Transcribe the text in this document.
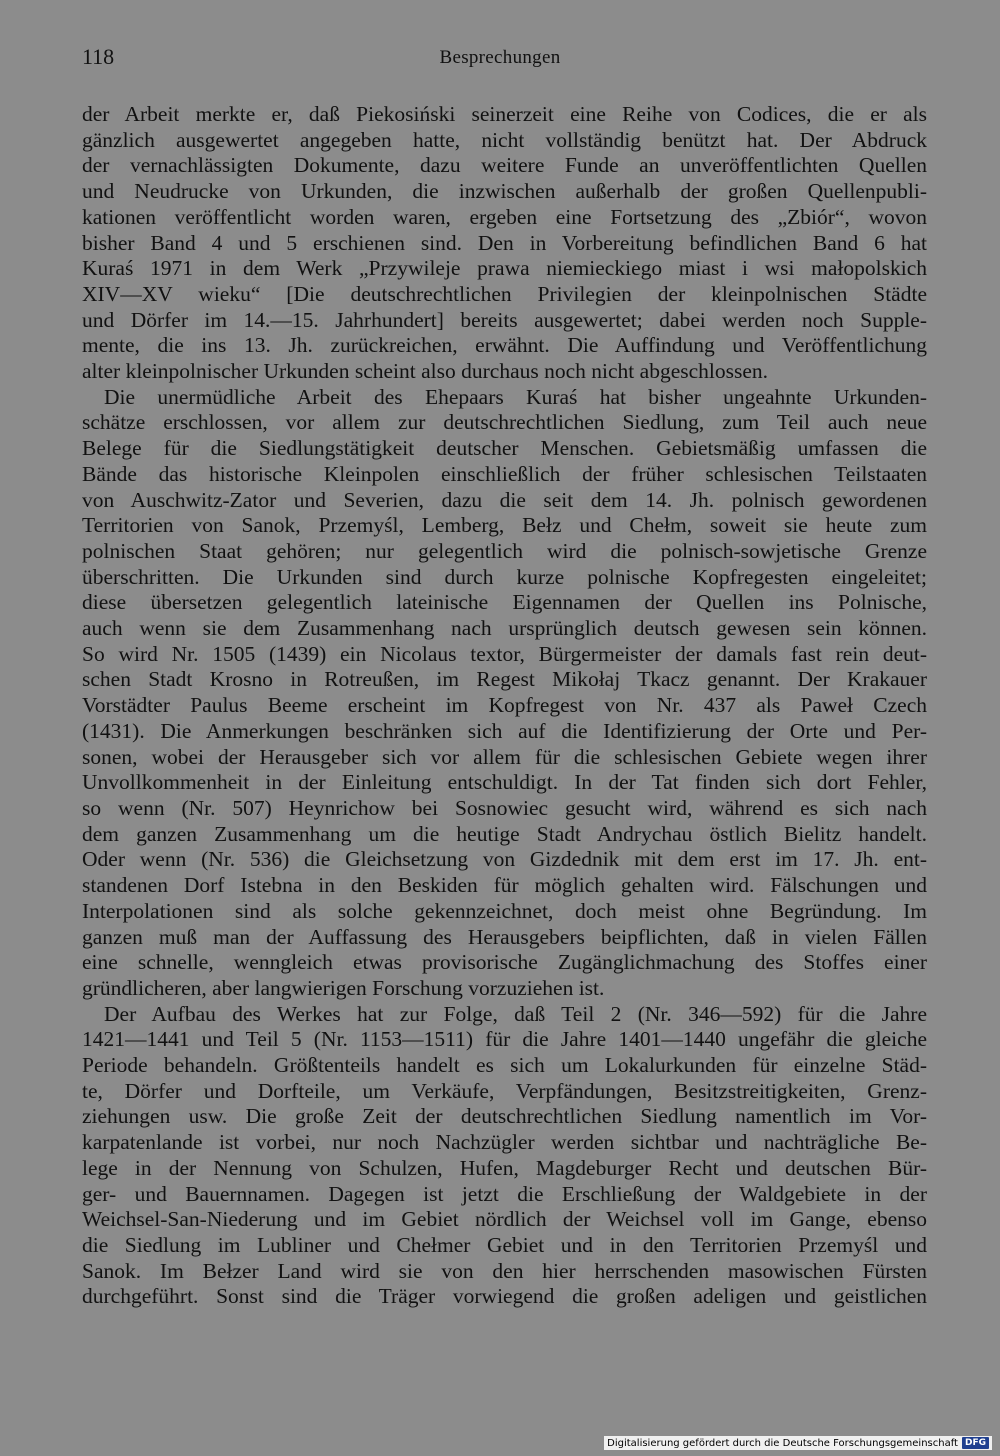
118	Besprechungen
der Arbeit merkte er, daß Piekosiński seinerzeit eine Reihe von Codices, die er als
gänzlich ausgewertet angegeben hatte, nicht vollständig benützt hat. Der Abdruck
der vernachlässigten Dokumente, dazu weitere Funde an unveröffentlichten Quellen
und Neudrucke von Urkunden, die inzwischen außerhalb der großen Quellenpubli-
kationen veröffentlicht worden waren, ergeben eine Fortsetzung des „Zbiór“, wovon
bisher Band 4 und 5 erschienen sind. Den in Vorbereitung befindlichen Band 6 hat
Kuraś 1971 in dem Werk „Przywileje prawa niemieckiego miast i wsi małopolskich
XIV—XV wieku“ [Die deutschrechtlichen Privilegien der kleinpolnischen Städte
und Dörfer im 14.—15. Jahrhundert] bereits ausgewertet; dabei werden noch Supple-
mente, die ins 13. Jh. zurückreichen, erwähnt. Die Auffindung und Veröffentlichung
alter kleinpolnischer Urkunden scheint also durchaus noch nicht abgeschlossen.
Die unermüdliche Arbeit des Ehepaars Kuraś hat bisher ungeahnte Urkunden-
schätze erschlossen, vor allem zur deutschrechtlichen Siedlung, zum Teil auch neue
Belege für die Siedlungstätigkeit deutscher Menschen. Gebietsmäßig umfassen die
Bände das historische Kleinpolen einschließlich der früher schlesischen Teilstaaten
von Auschwitz-Zator und Severien, dazu die seit dem 14. Jh. polnisch gewordenen
Territorien von Sanok, Przemyśl, Lemberg, Bełz und Chełm, soweit sie heute zum
polnischen Staat gehören; nur gelegentlich wird die polnisch-sowjetische Grenze
überschritten. Die Urkunden sind durch kurze polnische Kopfregesten eingeleitet;
diese übersetzen gelegentlich lateinische Eigennamen der Quellen ins Polnische,
auch wenn sie dem Zusammenhang nach ursprünglich deutsch gewesen sein können.
So wird Nr. 1505 (1439) ein Nicolaus textor, Bürgermeister der damals fast rein deut-
schen Stadt Krosno in Rotreußen, im Regest Mikołaj Tkacz genannt. Der Krakauer
Vorstädter Paulus Beeme erscheint im Kopfregest von Nr. 437 als Paweł Czech
(1431). Die Anmerkungen beschränken sich auf die Identifizierung der Orte und Per-
sonen, wobei der Herausgeber sich vor allem für die schlesischen Gebiete wegen ihrer
Unvollkommenheit in der Einleitung entschuldigt. In der Tat finden sich dort Fehler,
so wenn (Nr. 507) Heynrichow bei Sosnowiec gesucht wird, während es sich nach
dem ganzen Zusammenhang um die heutige Stadt Andrychau östlich Bielitz handelt.
Oder wenn (Nr. 536) die Gleichsetzung von Gizdednik mit dem erst im 17. Jh. ent-
standenen Dorf Istebna in den Beskiden für möglich gehalten wird. Fälschungen und
Interpolationen sind als solche gekennzeichnet, doch meist ohne Begründung. Im
ganzen muß man der Auffassung des Herausgebers beipflichten, daß in vielen Fällen
eine schnelle, wenngleich etwas provisorische Zugänglichmachung des Stoffes einer
gründlicheren, aber langwierigen Forschung vorzuziehen ist.
Der Aufbau des Werkes hat zur Folge, daß Teil 2 (Nr. 346—592) für die Jahre
1421—1441 und Teil 5 (Nr. 1153—1511) für die Jahre 1401—1440 ungefähr die gleiche
Periode behandeln. Größtenteils handelt es sich um Lokalurkunden für einzelne Städ-
te, Dörfer und Dorfteile, um Verkäufe, Verpfändungen, Besitzstreitigkeiten, Grenz-
ziehungen usw. Die große Zeit der deutschrechtlichen Siedlung namentlich im Vor-
karpatenlande ist vorbei, nur noch Nachzügler werden sichtbar und nachträgliche Be-
lege in der Nennung von Schulzen, Hufen, Magdeburger Recht und deutschen Bür-
ger- und Bauernnamen. Dagegen ist jetzt die Erschließung der Waldgebiete in der
Weichsel-San-Niederung und im Gebiet nördlich der Weichsel voll im Gange, ebenso
die Siedlung im Lubliner und Chełmer Gebiet und in den Territorien Przemyśl und
Sanok. Im Bełzer Land wird sie von den hier herrschenden masowischen Fürsten
durchgeführt. Sonst sind die Träger vorwiegend die großen adeligen und geistlichen
Digitalisierung gefördert durch die Deutsche Forschungsgemeinschaft DFG
